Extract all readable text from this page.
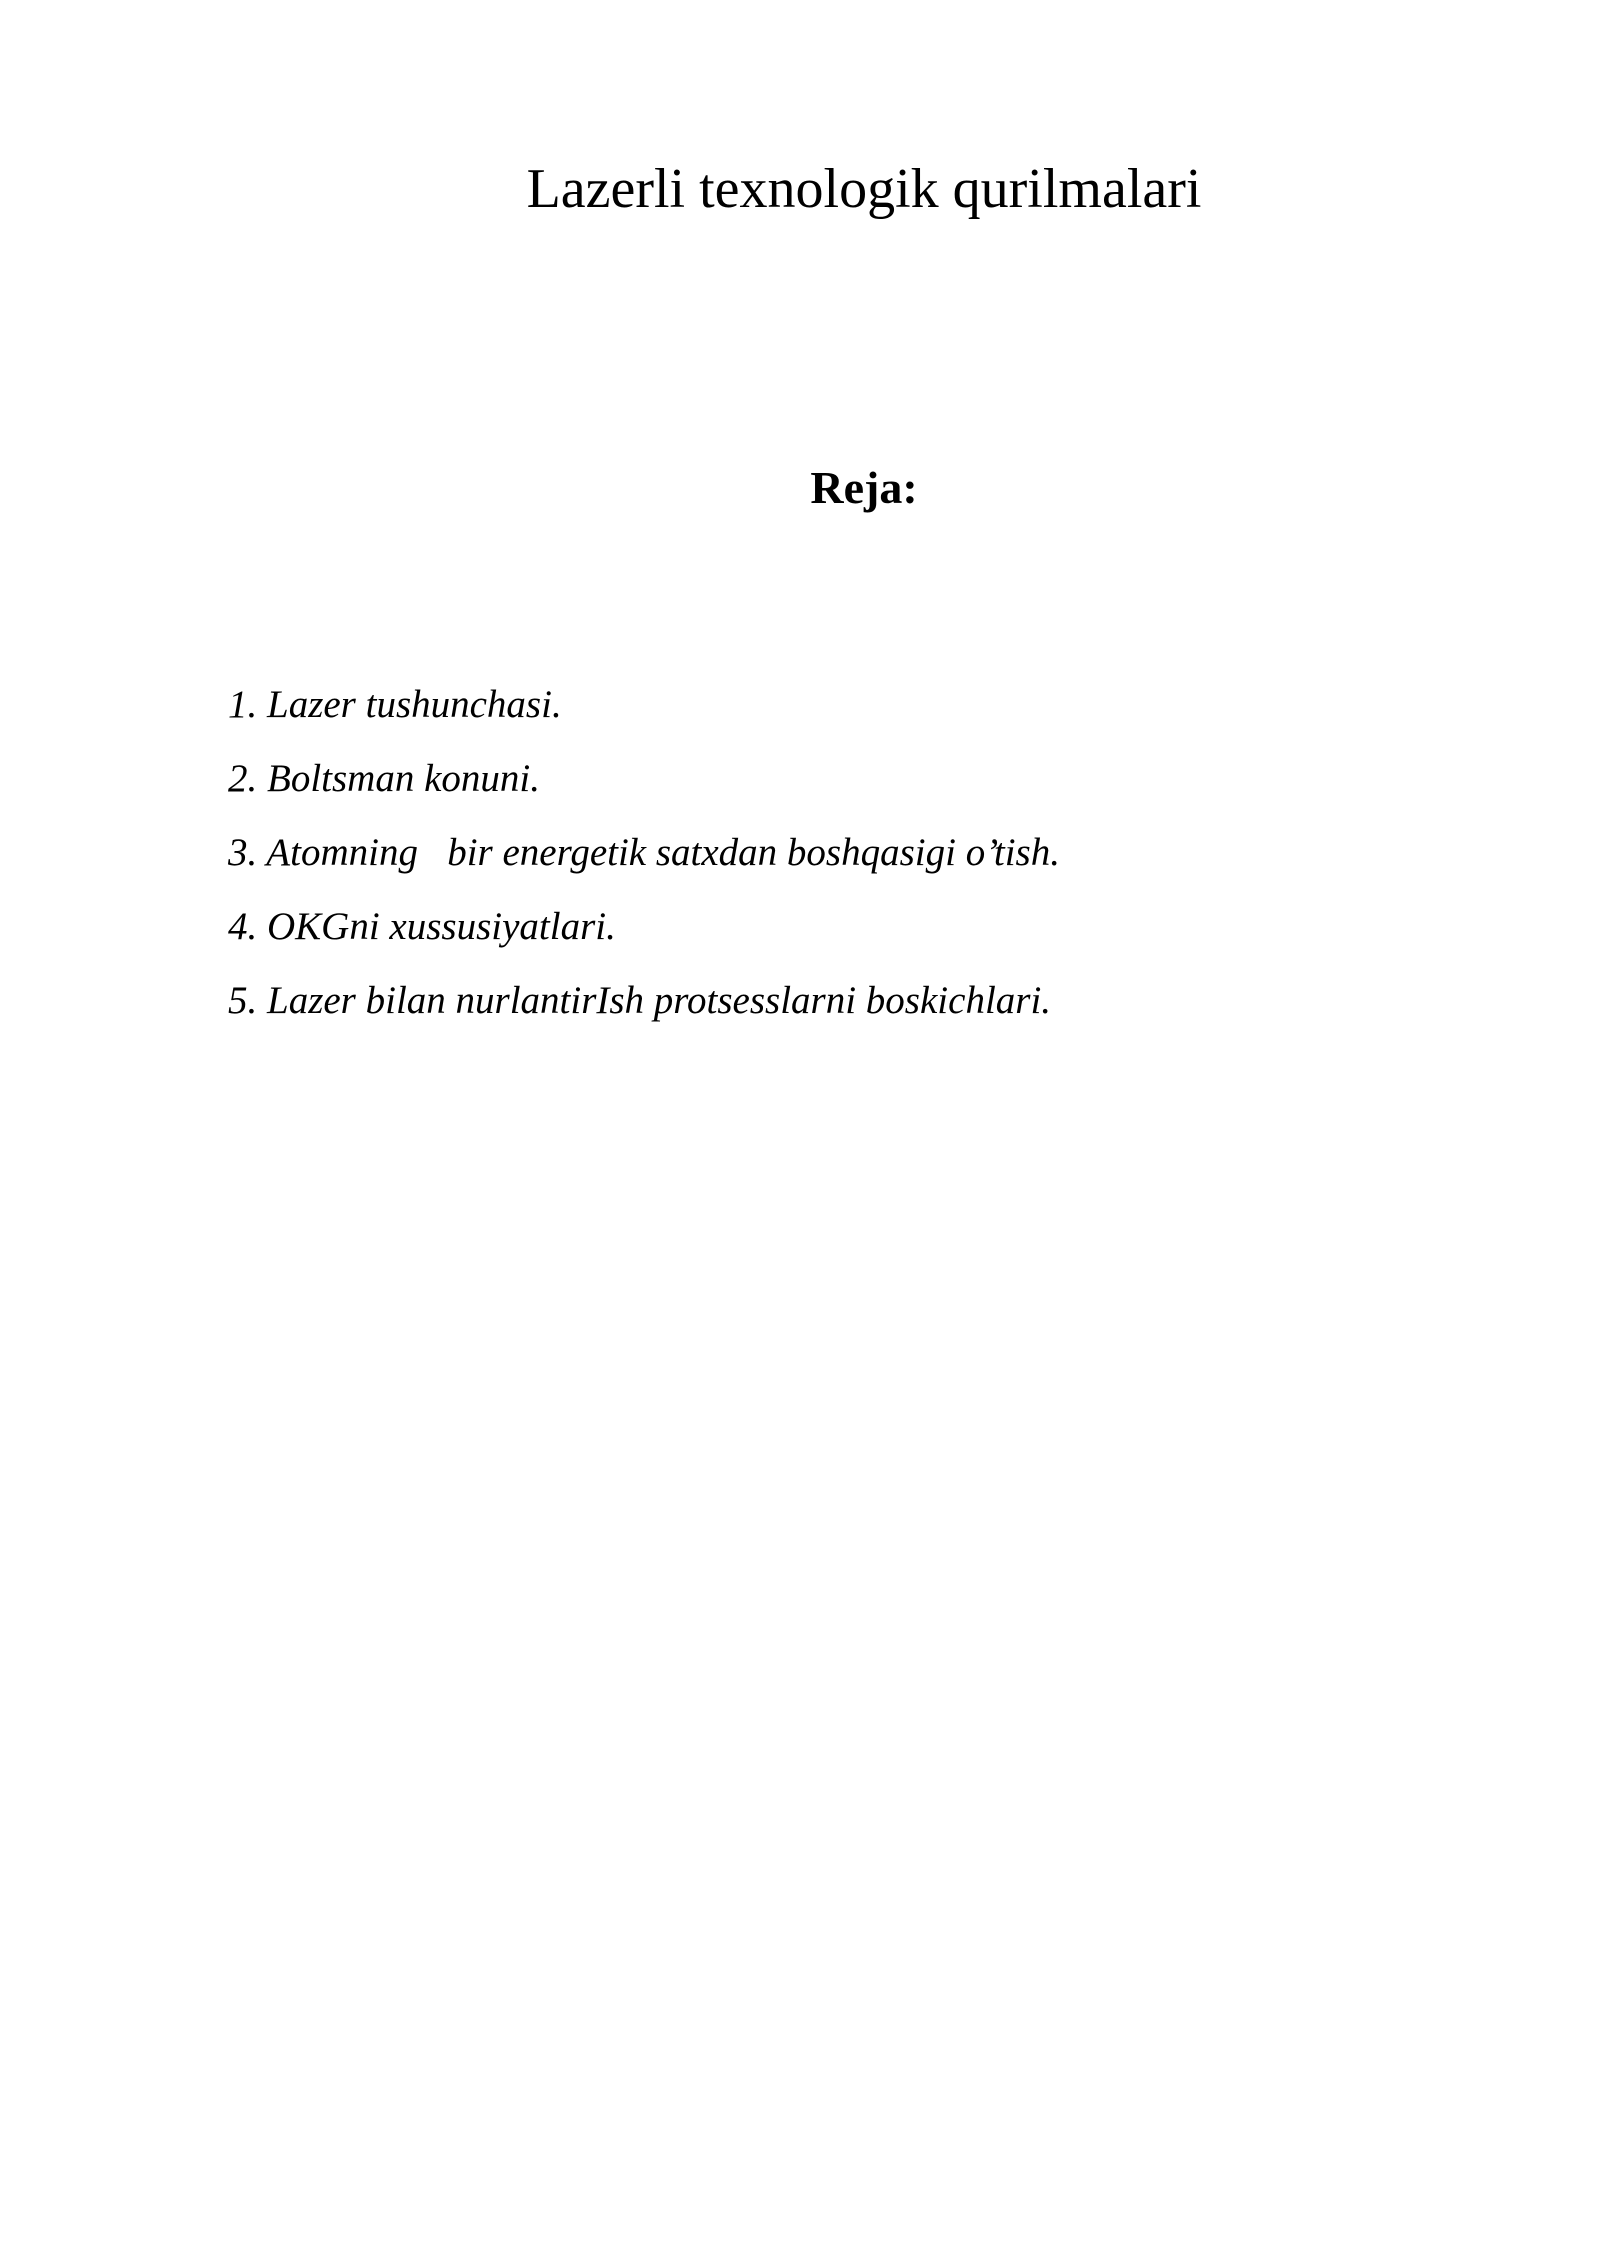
Lazerli texnologik qurilmalari
Reja:
1. Lazer tushunchasi.
2. Boltsman konuni.
3. Atomning   bir energetik satxdan boshqasigi o’tish.
4. OKGni xussusiyatlari.
5. Lazer bilan nurlantirIsh protsesslarni boskichlari.
